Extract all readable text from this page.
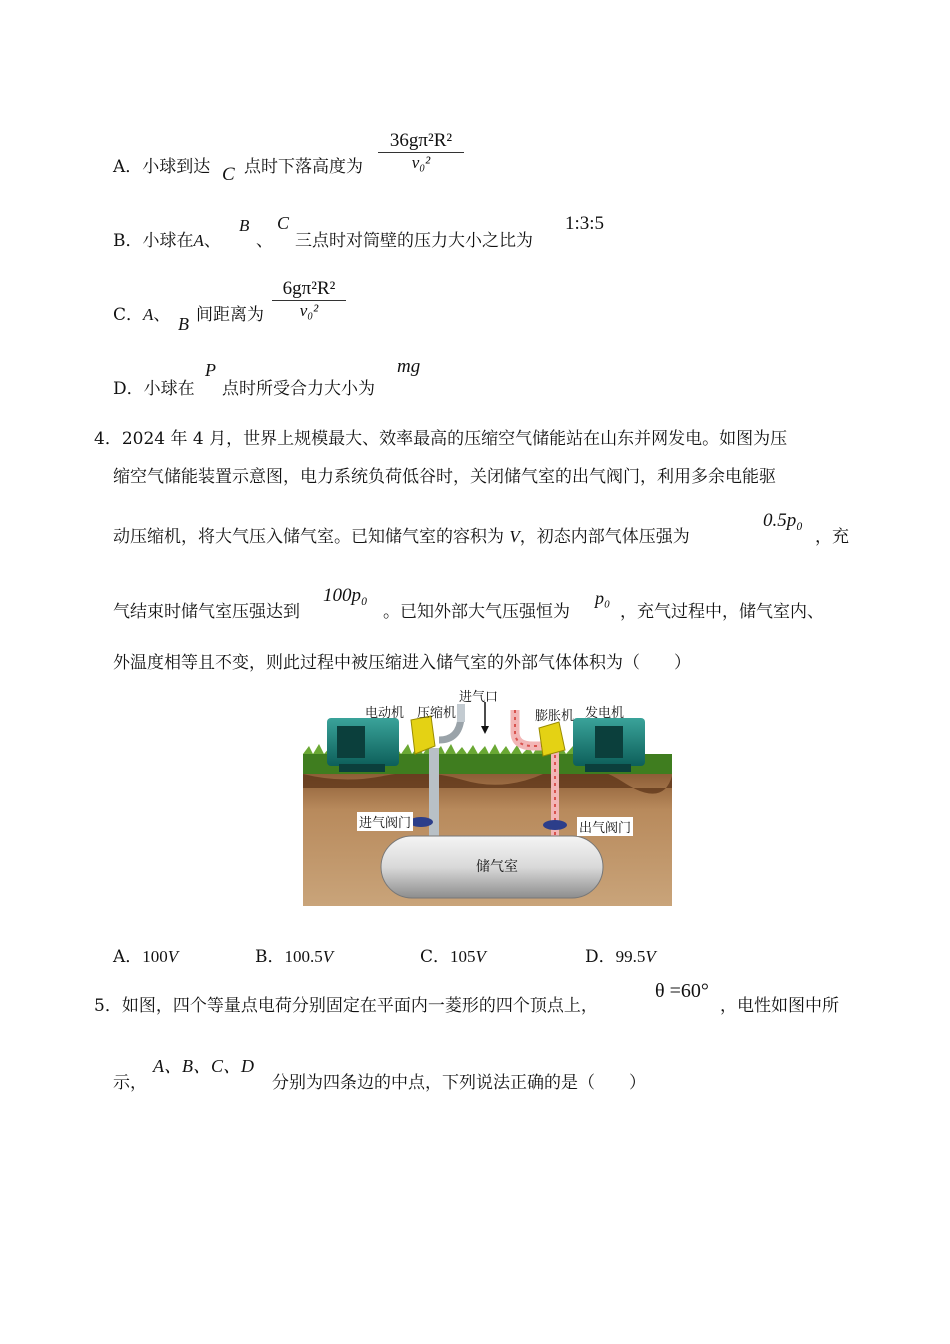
A．小球到达 C 点时下落高度为
36gπ²R²
v₀²
B．小球在A、
B
、
C
三点时对筒壁的压力大小之比为
1:3:5
C．A、 B 间距离为
6gπ²R²
v₀²
D．小球在
P
点时所受合力大小为
mg
4．2024 年 4 月，世界上规模最大、效率最高的压缩空气储能站在山东并网发电。如图为压
缩空气储能装置示意图，电力系统负荷低谷时，关闭储气室的出气阀门，利用多余电能驱
动压缩机，将大气压入储气室。已知储气室的容积为 V，初态内部气体压强为
0.5p₀
，充
气结束时储气室压强达到
100p₀
。已知外部大气压强恒为
p₀
，充气过程中，储气室内、
外温度相等且不变，则此过程中被压缩进入储气室的外部气体体积为（　　）
电动机 压缩机
进气口
膨胀机 发电机
进气阀门	出气阀门
储气室
A．100V	B．100.5V	C．105V	D．99.5V
5．如图，四个等量点电荷分别固定在平面内一菱形的四个顶点上，
θ =60°
，电性如图中所
示，
A、B、C、D
分别为四条边的中点，下列说法正确的是（　　）
